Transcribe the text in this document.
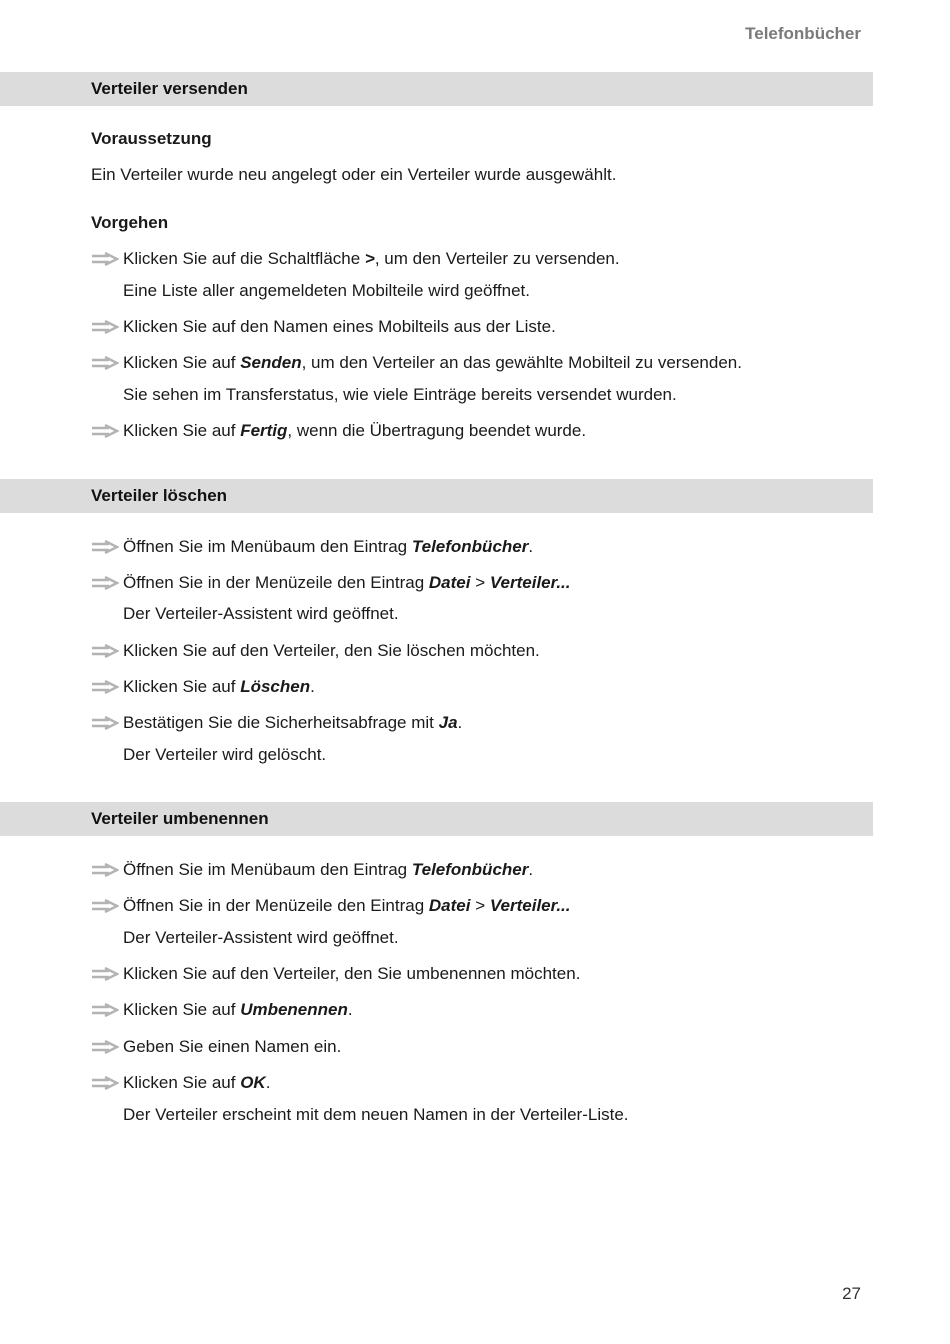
Telefonbücher
Verteiler versenden
Voraussetzung
Ein Verteiler wurde neu angelegt oder ein Verteiler wurde ausgewählt.
Vorgehen
Klicken Sie auf die Schaltfläche >, um den Verteiler zu versenden.
Eine Liste aller angemeldeten Mobilteile wird geöffnet.
Klicken Sie auf den Namen eines Mobilteils aus der Liste.
Klicken Sie auf Senden, um den Verteiler an das gewählte Mobilteil zu versenden.
Sie sehen im Transferstatus, wie viele Einträge bereits versendet wurden.
Klicken Sie auf Fertig, wenn die Übertragung beendet wurde.
Verteiler löschen
Öffnen Sie im Menübaum den Eintrag Telefonbücher.
Öffnen Sie in der Menüzeile den Eintrag Datei > Verteiler...
Der Verteiler-Assistent wird geöffnet.
Klicken Sie auf den Verteiler, den Sie löschen möchten.
Klicken Sie auf Löschen.
Bestätigen Sie die Sicherheitsabfrage mit Ja.
Der Verteiler wird gelöscht.
Verteiler umbenennen
Öffnen Sie im Menübaum den Eintrag Telefonbücher.
Öffnen Sie in der Menüzeile den Eintrag Datei > Verteiler...
Der Verteiler-Assistent wird geöffnet.
Klicken Sie auf den Verteiler, den Sie umbenennen möchten.
Klicken Sie auf Umbenennen.
Geben Sie einen Namen ein.
Klicken Sie auf OK.
Der Verteiler erscheint mit dem neuen Namen in der Verteiler-Liste.
27
